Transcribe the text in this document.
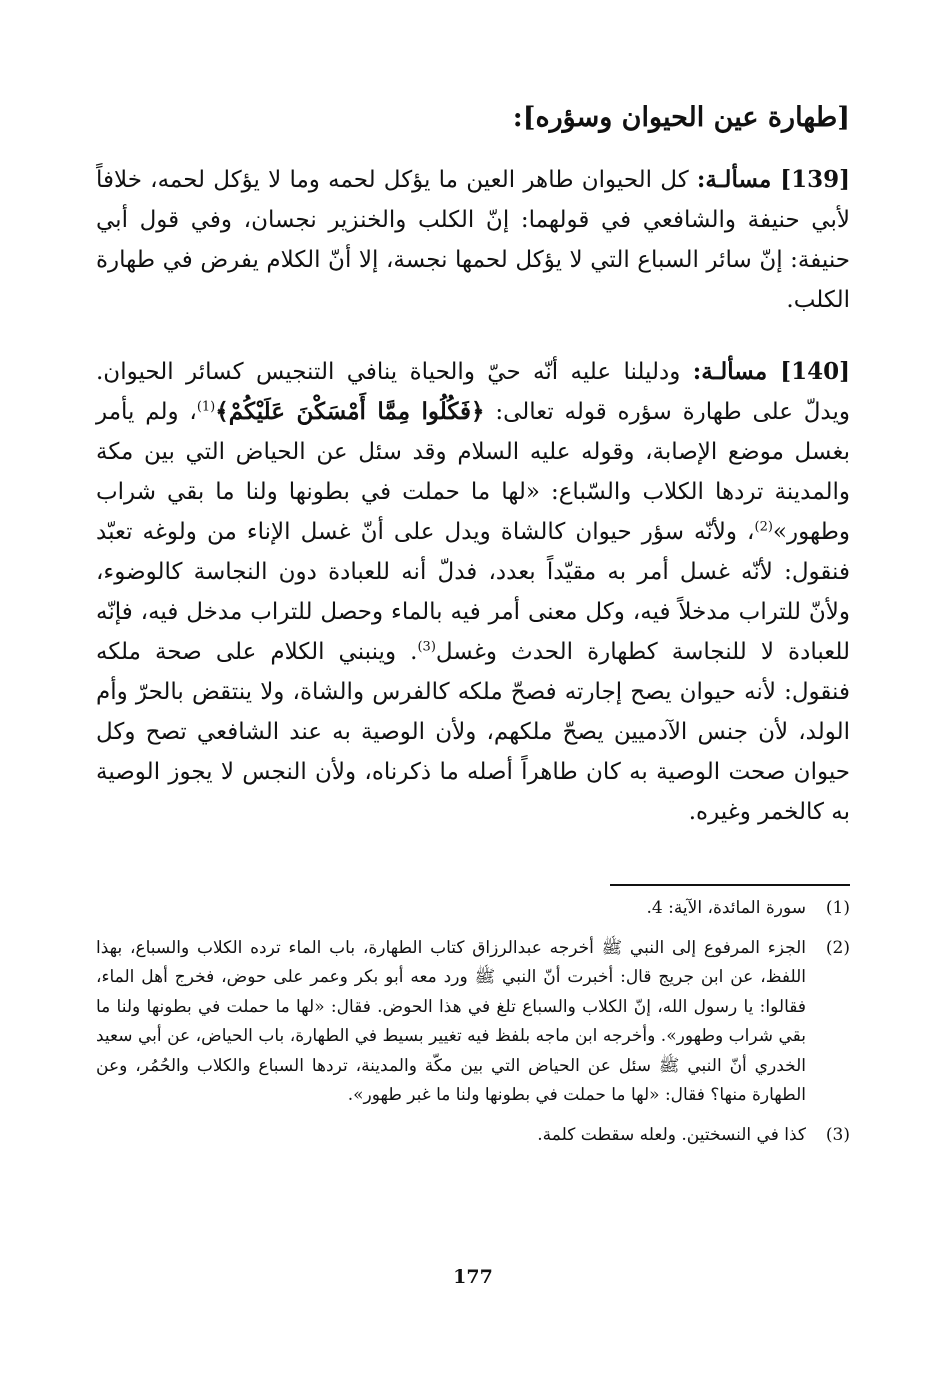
[طهارة عين الحيوان وسؤره]:

[139] مسألـة: كل الحيوان طاهر العين ما يؤكل لحمه وما لا يؤكل لحمه، خلافاً لأبي حنيفة والشافعي في قولهما: إنّ الكلب والخنزير نجسان، وفي قول أبي حنيفة: إنّ سائر السباع التي لا يؤكل لحمها نجسة، إلا أنّ الكلام يفرض في طهارة الكلب.

[140] مسألـة: ودليلنا عليه أنّه حيّ والحياة ينافي التنجيس كسائر الحيوان. ويدلّ على طهارة سؤره قوله تعالى: ﴿فَكُلُوا مِمَّا أَمْسَكْنَ عَلَيْكُمْ﴾$^{(1)}$، ولم يأمر بغسل موضع الإصابة، وقوله عليه السلام وقد سئل عن الحياض التي بين مكة والمدينة تردها الكلاب والسّباع: «لها ما حملت في بطونها ولنا ما بقي شراب وطهور»$^{(2)}$، ولأنّه سؤر حيوان كالشاة ويدل على أنّ غسل الإناء من ولوغه تعبّد فنقول: لأنّه غسل أمر به مقيّداً بعدد، فدلّ أنه للعبادة دون النجاسة كالوضوء، ولأنّ للتراب مدخلاً فيه، وكل معنى أمر فيه بالماء وحصل للتراب مدخل فيه، فإنّه للعبادة لا للنجاسة كطهارة الحدث وغسل$^{(3)}$. وينبني الكلام على صحة ملكه فنقول: لأنه حيوان يصح إجارته فصحّ ملكه كالفرس والشاة، ولا ينتقض بالحرّ وأم الولد، لأن جنس الآدميين يصحّ ملكهم، ولأن الوصية به عند الشافعي تصح وكل حيوان صحت الوصية به كان طاهراً أصله ما ذكرناه، ولأن النجس لا يجوز الوصية به كالخمر وغيره.

(1)
سورة المائدة، الآية: 4.
(2)
الجزء المرفوع إلى النبي ﷺ أخرجه عبدالرزاق كتاب الطهارة، باب الماء ترده الكلاب والسباع، بهذا اللفظ، عن ابن جريج قال: أخبرت أنّ النبي ﷺ ورد معه أبو بكر وعمر على حوض، فخرج أهل الماء، فقالوا: يا رسول الله، إنّ الكلاب والسباع تلغ في هذا الحوض. فقال: «لها ما حملت في بطونها ولنا ما بقي شراب وطهور». وأخرجه ابن ماجه بلفظ فيه تغيير بسيط في الطهارة، باب الحياض، عن أبي سعيد الخدري أنّ النبي ﷺ سئل عن الحياض التي بين مكّة والمدينة، تردها السباع والكلاب والحُمُر، وعن الطهارة منها؟ فقال: «لها ما حملت في بطونها ولنا ما غبر طهور».
(3)
كذا في النسختين. ولعله سقطت كلمة.
177
